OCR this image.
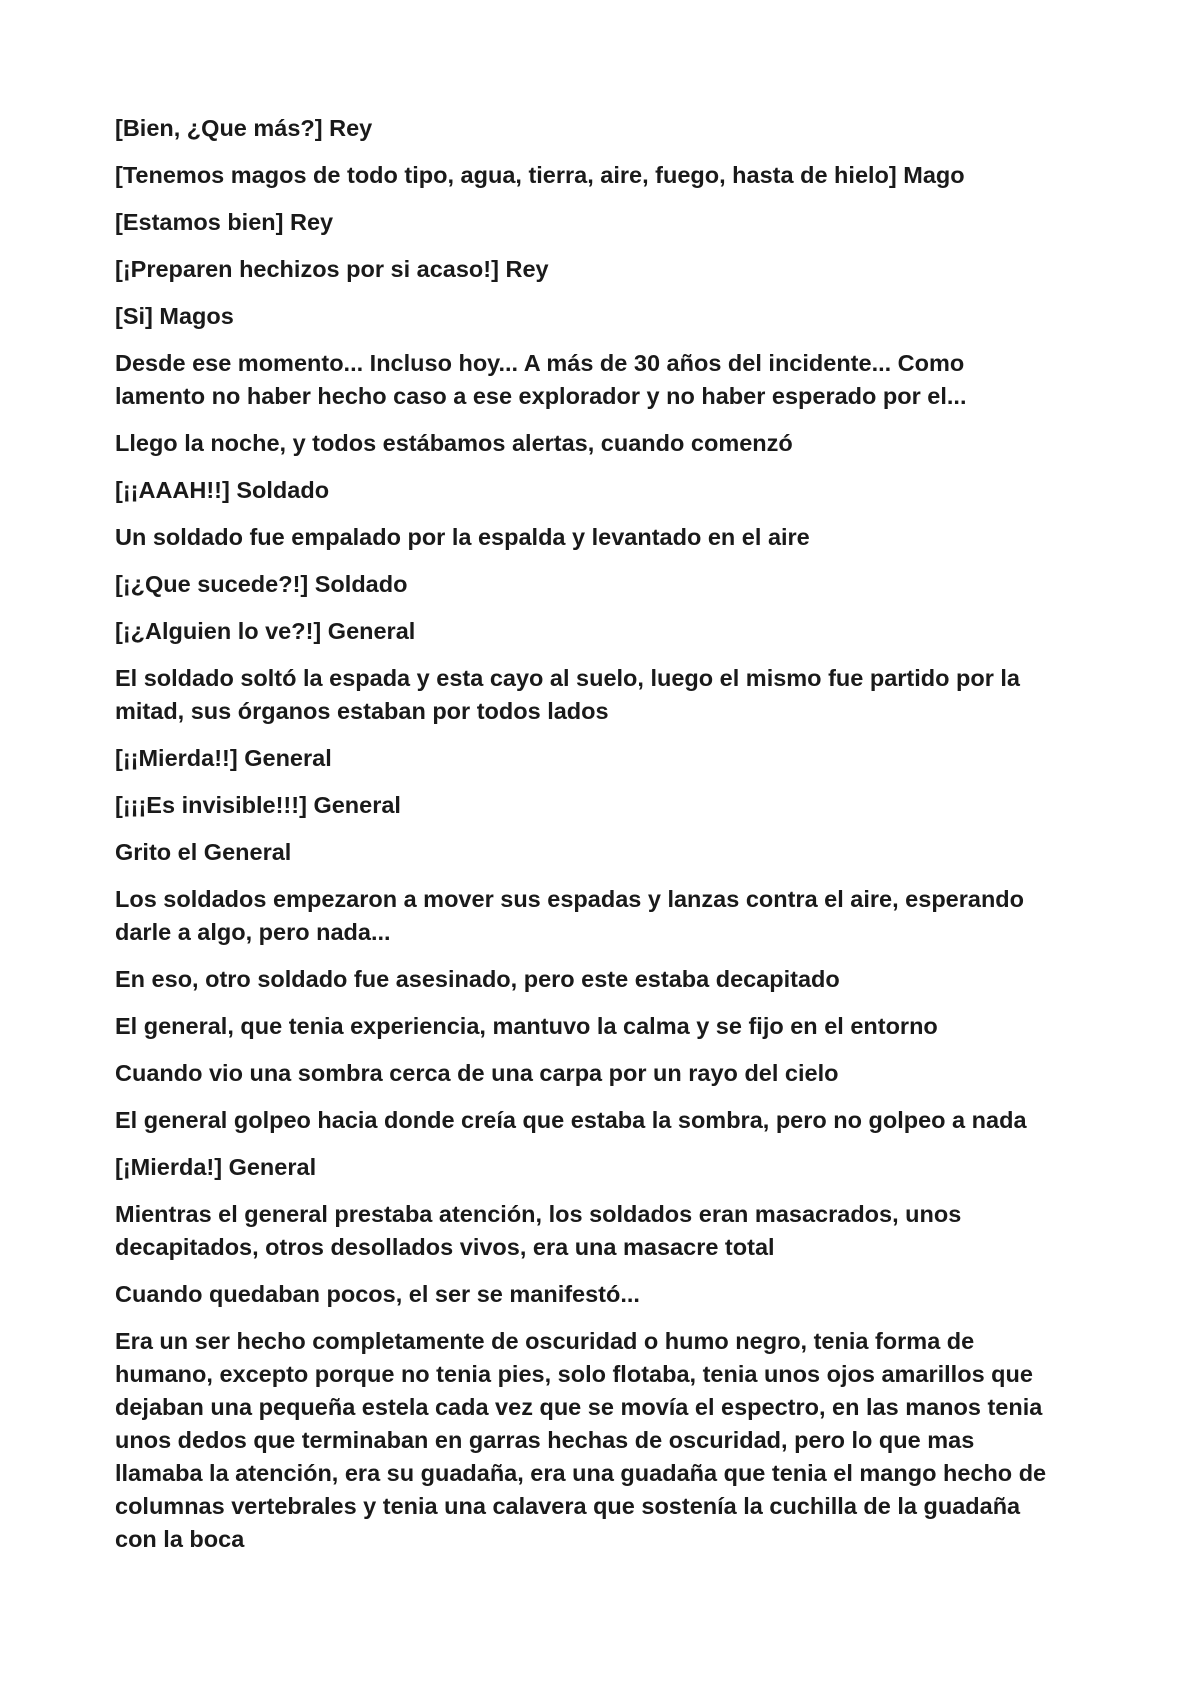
[Bien, ¿Que más?] Rey

[Tenemos magos de todo tipo, agua, tierra, aire, fuego, hasta de hielo] Mago

[Estamos bien] Rey

[¡Preparen hechizos por si acaso!] Rey

[Si] Magos

Desde ese momento... Incluso hoy... A más de 30 años del incidente... Como
lamento no haber hecho caso a ese explorador y no haber esperado por el...

Llego la noche, y todos estábamos alertas, cuando comenzó

[¡¡AAAH!!] Soldado

Un soldado fue empalado por la espalda y levantado en el aire

[¡¿Que sucede?!] Soldado

[¡¿Alguien lo ve?!] General

El soldado soltó la espada y esta cayo al suelo, luego el mismo fue partido por la
mitad, sus órganos estaban por todos lados

[¡¡Mierda!!] General

[¡¡¡Es invisible!!!] General

Grito el General

Los soldados empezaron a mover sus espadas y lanzas contra el aire, esperando
darle a algo, pero nada...

En eso, otro soldado fue asesinado, pero este estaba decapitado

El general, que tenia experiencia, mantuvo la calma y se fijo en el entorno

Cuando vio una sombra cerca de una carpa por un rayo del cielo

El general golpeo hacia donde creía que estaba la sombra, pero no golpeo a nada

[¡Mierda!] General

Mientras el general prestaba atención, los soldados eran masacrados, unos
decapitados, otros desollados vivos, era una masacre total

Cuando quedaban pocos, el ser se manifestó...

Era un ser hecho completamente de oscuridad o humo negro, tenia forma de
humano, excepto porque no tenia pies, solo flotaba, tenia unos ojos amarillos que
dejaban una pequeña estela cada vez que se movía el espectro, en las manos tenia
unos dedos que terminaban en garras hechas de oscuridad, pero lo que mas
llamaba la atención, era su guadaña, era una guadaña que tenia el mango hecho de
columnas vertebrales y tenia una calavera que sostenía la cuchilla de la guadaña
con la boca
